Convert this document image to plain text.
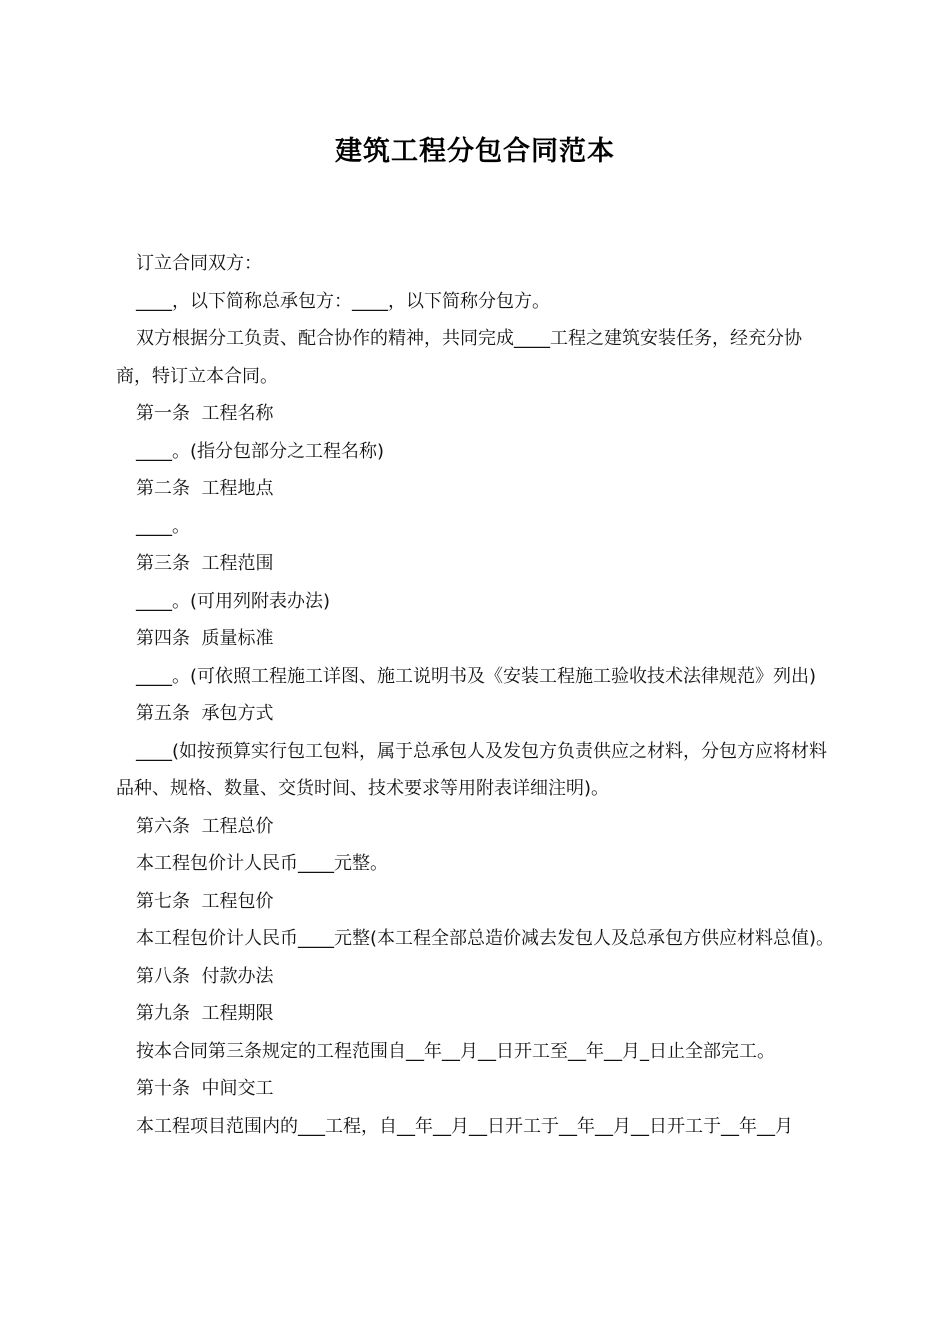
建筑工程分包合同范本

订立合同双方：

____，以下简称总承包方：____，以下简称分包方。

双方根据分工负责、配合协作的精神，共同完成____工程之建筑安装任务，经充分协商，特订立本合同。

第一条  工程名称

____。(指分包部分之工程名称)

第二条  工程地点

____。

第三条  工程范围

____。(可用列附表办法)

第四条  质量标准

____。(可依照工程施工详图、施工说明书及《安装工程施工验收技术法律规范》列出)

第五条  承包方式

____(如按预算实行包工包料，属于总承包人及发包方负责供应之材料，分包方应将材料品种、规格、数量、交货时间、技术要求等用附表详细注明)。

第六条  工程总价

本工程包价计人民币____元整。

第七条  工程包价

本工程包价计人民币____元整(本工程全部总造价减去发包人及总承包方供应材料总值)。

第八条  付款办法

第九条  工程期限

按本合同第三条规定的工程范围自__年__月__日开工至__年__月_日止全部完工。

第十条  中间交工

本工程项目范围内的___工程，自__年__月__日开工于__年__月__日开工于__年__月
